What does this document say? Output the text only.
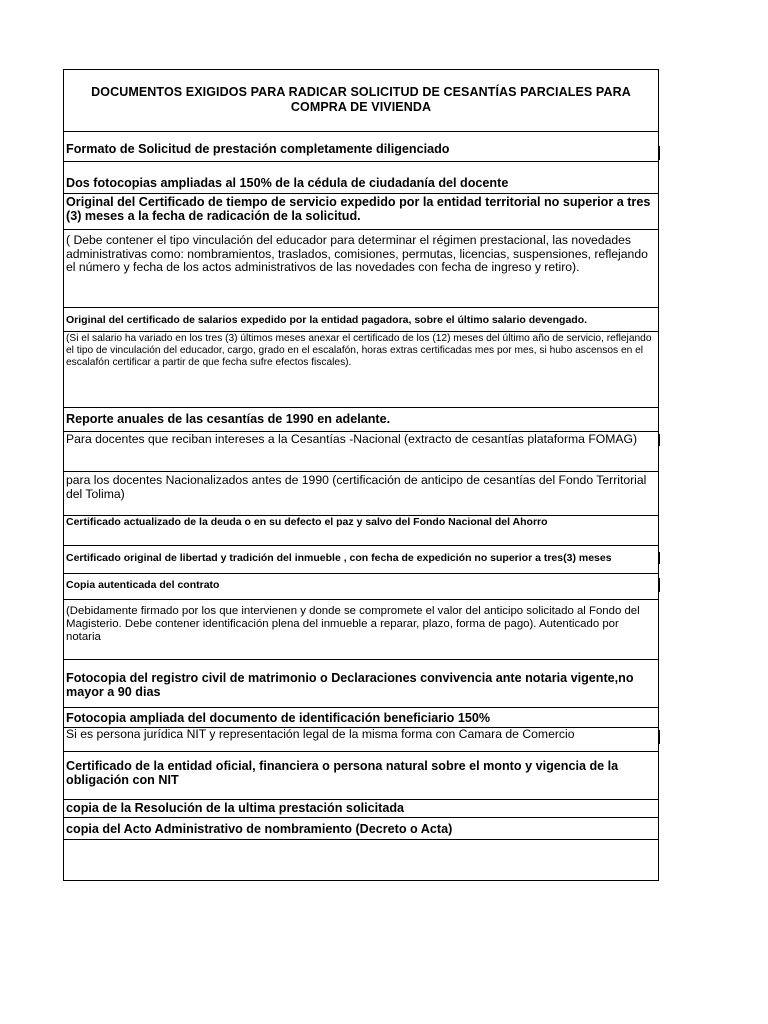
DOCUMENTOS EXIGIDOS PARA RADICAR SOLICITUD DE CESANTÍAS PARCIALES PARA COMPRA DE VIVIENDA
Formato de Solicitud de prestación completamente diligenciado
Dos fotocopias ampliadas al 150% de la cédula de ciudadanía del docente
Original del Certificado de tiempo de servicio expedido por la entidad territorial no superior a tres (3) meses a la fecha de radicación de la solicitud.
( Debe contener el tipo vinculación del educador para determinar el régimen prestacional, las novedades administrativas como: nombramientos, traslados, comisiones, permutas, licencias, suspensiones, reflejando el número y fecha de los actos administrativos de las novedades con fecha de ingreso y retiro).
Original del certificado de salarios expedido por la entidad pagadora, sobre el último salario devengado.
(Si el salario ha variado en los tres (3) últimos meses anexar el certificado de los (12) meses del último año de servicio, reflejando el tipo de vinculación del educador, cargo, grado en el escalafón, horas extras certificadas mes por mes, si hubo ascensos en el escalafón certificar a partir de que fecha sufre efectos fiscales).
Reporte anuales de las cesantías de 1990 en adelante.
Para docentes que reciban intereses a la Cesantías -Nacional (extracto de cesantías plataforma FOMAG)
para los docentes Nacionalizados antes de 1990 (certificación de anticipo de cesantías del Fondo Territorial del Tolima)
Certificado actualizado de la deuda o en su defecto el paz y salvo del Fondo Nacional del Ahorro
Certificado original de libertad y tradición del inmueble , con fecha de expedición no superior a tres(3) meses
Copia autenticada del contrato
(Debidamente firmado por los que intervienen y donde se compromete el valor del anticipo solicitado al Fondo del Magisterio. Debe contener identificación plena del inmueble a reparar, plazo, forma de pago). Autenticado por notaria
Fotocopia del registro civil de matrimonio o Declaraciones convivencia ante notaria vigente,no mayor a 90 dias
Fotocopia ampliada del documento de identificación beneficiario 150%
Si es persona jurídica NIT y representación legal de la misma forma con Camara de Comercio
Certificado de la entidad oficial, financiera o persona natural sobre el monto y vigencia de la obligación con NIT
copia de la Resolución de la ultima prestación solicitada
copia del Acto Administrativo de nombramiento (Decreto o Acta)
